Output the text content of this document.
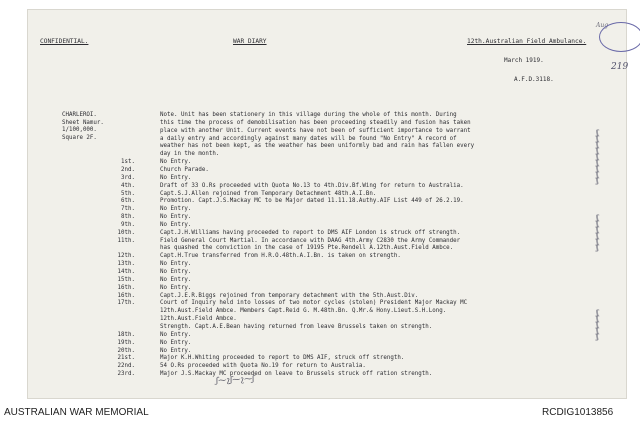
CONFIDENTIAL.	WAR DIARY	12th.Australian Field Ambulance.
March 1919.
A.F.D.3118.
Aug
219
CHARLEROI.
Sheet Namur.
1/100,000.
Square 2F.
Note. Unit has been stationery in this village during the whole of this month. During
this time the process of demobilisation has been proceeding steadily and fusion has taken
place with another Unit. Current events have not been of sufficient importance to warrant
a daily entry and accordingly against many dates will be found "No Entry" A record of
weather has not been kept, as the weather has been uniformly bad and rain has fallen every
day in the month.
1st.	No Entry.
2nd.	Church Parade.
3rd.	No Entry.
4th.	Draft of 33 O.Rs proceeded with Quota No.13 to 4th.Div.Bf.Wing for return to Australia.
5th.	Capt.S.J.Allen rejoined from Temporary Detachment 48th.A.I.Bn.
6th.	Promotion. Capt.J.S.Mackay MC to be Major dated 11.11.18.Authy.AIF List 449 of 26.2.19.
7th.	No Entry.
8th.	No Entry.
9th.	No Entry.
10th.	Capt.J.H.Williams having proceeded to report to DMS AIF London is struck off strength.
11th.	Field General Court Martial. In accordance with DAAG 4th.Army C2830 the Army Commander
has quashed the conviction in the case of 19195 Pte.Rendell A.12th.Aust.Field Ambce.
12th.	Capt.H.True transferred from H.R.O.48th.A.I.Bn. is taken on strength.
13th.	No Entry.
14th.	No Entry.
15th.	No Entry.
16th.	No Entry.
16th.	Capt.J.E.R.Biggs rejoined from temporary detachment with the 5th.Aust.Div.
17th.	Court of Inquiry held into losses of two motor cycles (stolen) President Major Mackay MC
12th.Aust.Field Ambce. Members Capt.Reid G. M.48th.Bn. Q.Mr.& Hony.Lieut.S.H.Long.
12th.Aust.Field Ambce.
Strength. Capt.A.E.Bean having returned from leave Brussels taken on strength.
18th.	No Entry.
19th.	No Entry.
20th.	No Entry.
21st.	Major K.H.Whiting proceeded to report to DMS AIF, struck off strength.
22nd.	54 O.Rs proceeded with Quota No.19 for return to Australia.
23rd.	Major J.S.Mackay MC proceeded on leave to Brussels struck off ration strength.
ʃʃ
ʃʃ
ʃʃ
ʃʃ
ʃʃ
ʃʃ
ʃʃ
ʃʃ
ʃʃ
ʃʃ
ʃʃ
ʃʃ
ʃʃ
ʃʃ
ʃʃ
ʃʃ
ʃʃ
ʃʃ
ʃʃ
ʃʃ
ʃ⁓ʅʃ⁓ʅ⁓ʃ
AUSTRALIAN WAR MEMORIAL	RCDIG1013856
